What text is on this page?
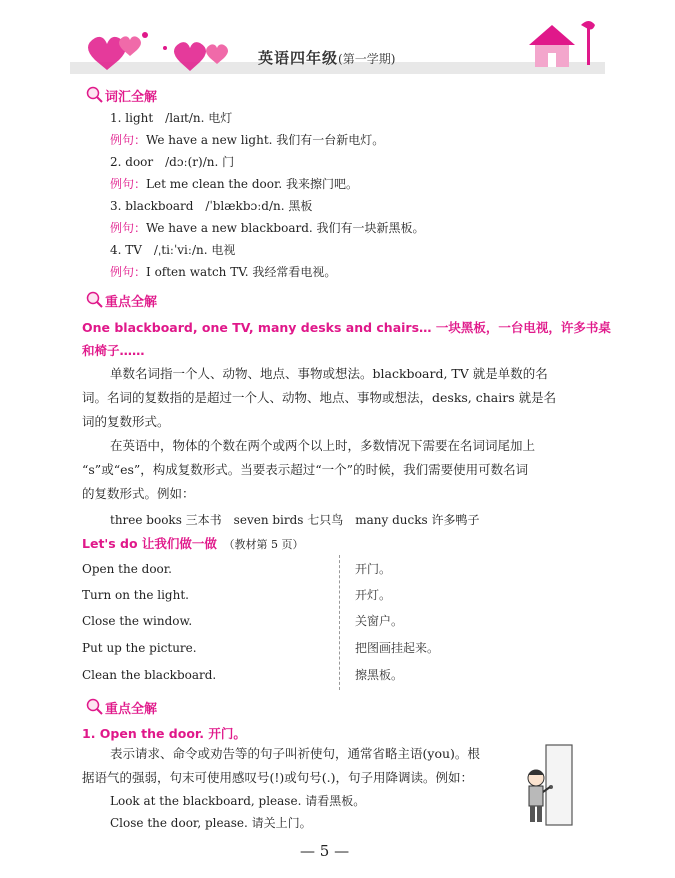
英语四年级(第一学期)
词汇全解
1. light　/laɪt/n. 电灯
例句：We have a new light. 我们有一台新电灯。
2. door　/dɔː(r)/n. 门
例句：Let me clean the door. 我来擦门吧。
3. blackboard　/ˈblækbɔːd/n. 黑板
例句：We have a new blackboard. 我们有一块新黑板。
4. TV　/ˌtiːˈviː/n. 电视
例句：I often watch TV. 我经常看电视。
重点全解
One blackboard, one TV, many desks and chairs… 一块黑板，一台电视，许多书桌
和椅子……
单数名词指一个人、动物、地点、事物或想法。blackboard, TV 就是单数的名
词。名词的复数指的是超过一个人、动物、地点、事物或想法，desks, chairs 就是名
词的复数形式。
在英语中，物体的个数在两个或两个以上时，多数情况下需要在名词词尾加上
“s”或“es”，构成复数形式。当要表示超过“一个”的时候，我们需要使用可数名词
的复数形式。例如：
three books 三本书　seven birds 七只鸟　many ducks 许多鸭子
Let's do 让我们做一做　 （教材第 5 页）
Open the door.	开门。
Turn on the light.	开灯。
Close the window.	关窗户。
Put up the picture.	把图画挂起来。
Clean the blackboard.	擦黑板。
重点全解
1. Open the door. 开门。
表示请求、命令或劝告等的句子叫祈使句，通常省略主语(you)。根
据语气的强弱，句末可使用感叹号(!)或句号(.)，句子用降调读。例如：
Look at the blackboard, please. 请看黑板。
Close the door, please. 请关上门。
— 5 —
